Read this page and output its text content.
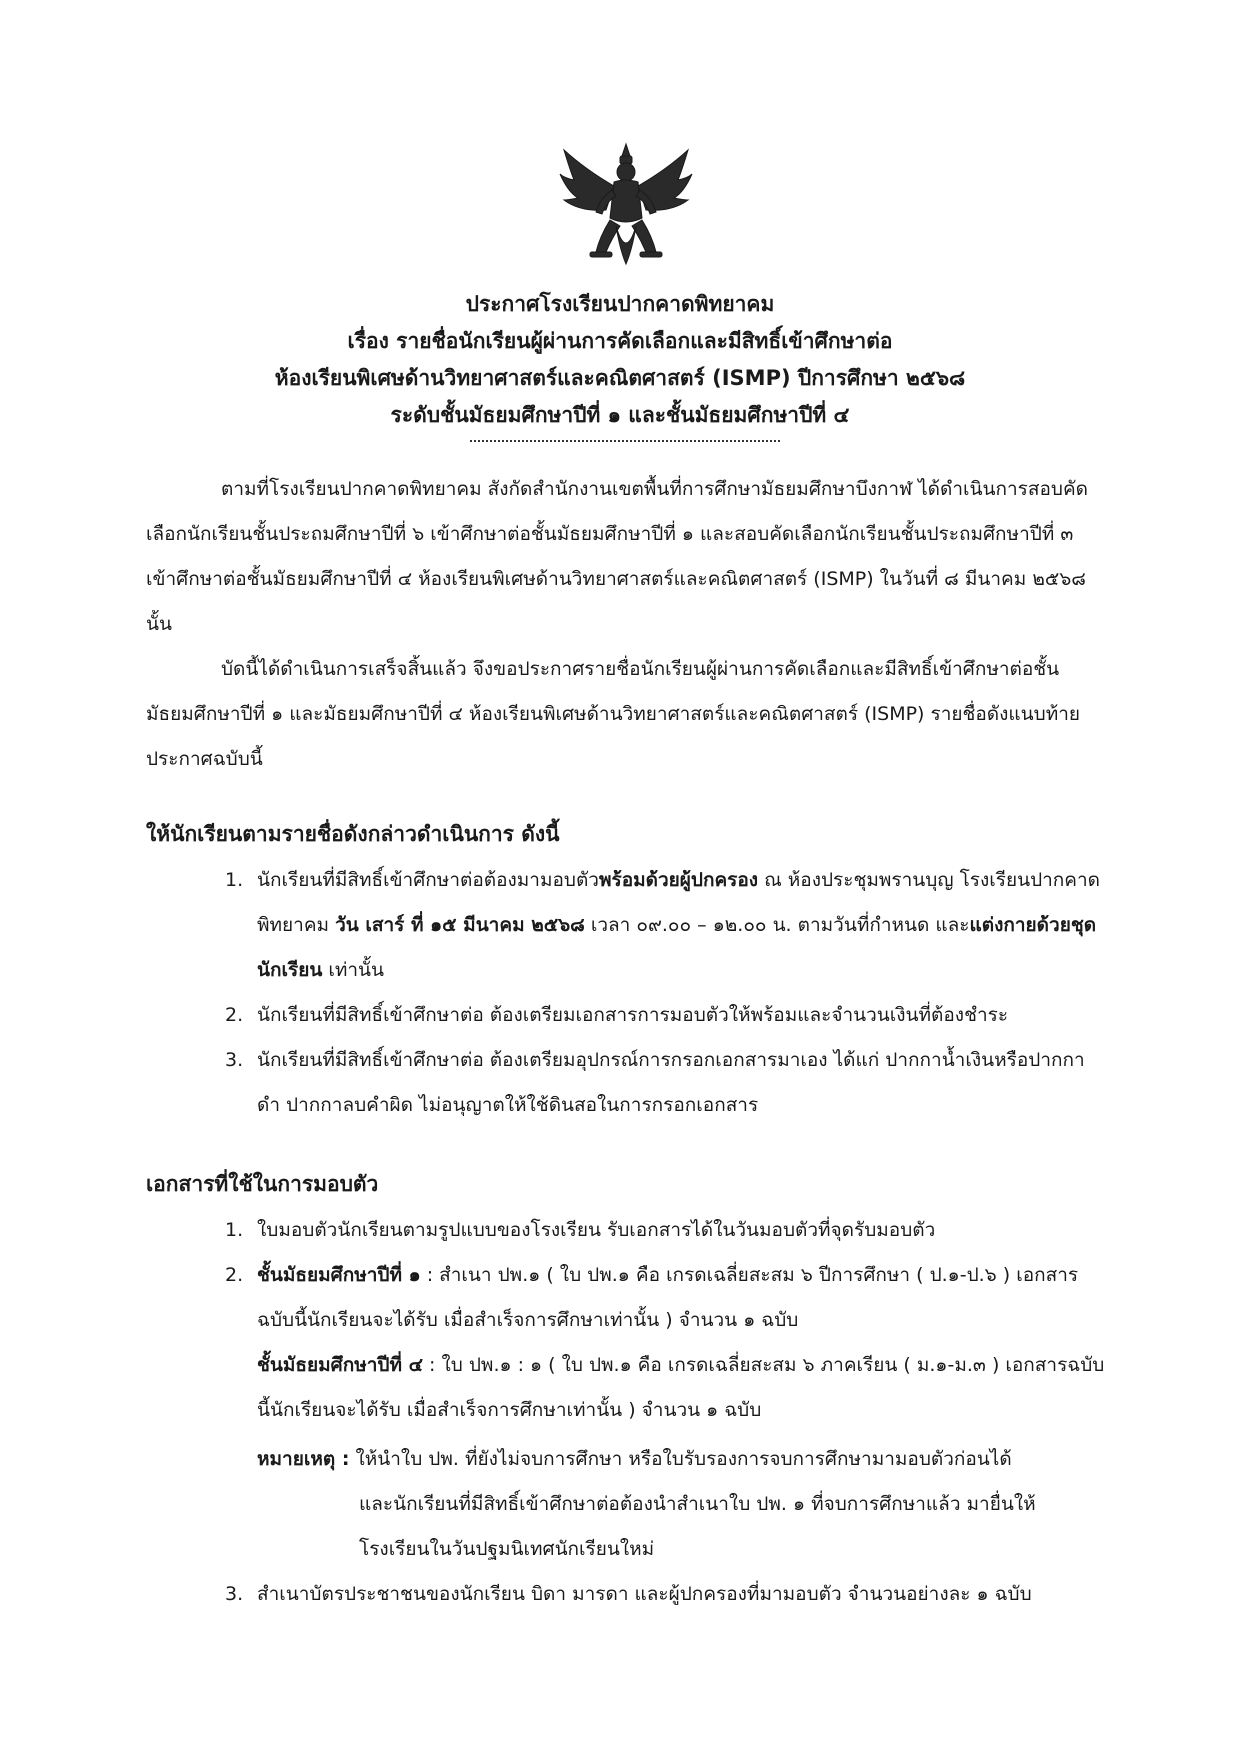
ประกาศโรงเรียนปากคาดพิทยาคม
เรื่อง รายชื่อนักเรียนผู้ผ่านการคัดเลือกและมีสิทธิ์เข้าศึกษาต่อ
ห้องเรียนพิเศษด้านวิทยาศาสตร์และคณิตศาสตร์ (ISMP) ปีการศึกษา ๒๕๖๘
ระดับชั้นมัธยมศึกษาปีที่ ๑ และชั้นมัธยมศึกษาปีที่ ๔

ตามที่โรงเรียนปากคาดพิทยาคม สังกัดสำนักงานเขตพื้นที่การศึกษามัธยมศึกษาบึงกาฬ ได้ดำเนินการสอบคัดเลือกนักเรียนชั้นประถมศึกษาปีที่ ๖ เข้าศึกษาต่อชั้นมัธยมศึกษาปีที่ ๑ และสอบคัดเลือกนักเรียนชั้นประถมศึกษาปีที่ ๓ เข้าศึกษาต่อชั้นมัธยมศึกษาปีที่ ๔ ห้องเรียนพิเศษด้านวิทยาศาสตร์และคณิตศาสตร์ (ISMP) ในวันที่ ๘ มีนาคม ๒๕๖๘ นั้น

บัดนี้ได้ดำเนินการเสร็จสิ้นแล้ว จึงขอประกาศรายชื่อนักเรียนผู้ผ่านการคัดเลือกและมีสิทธิ์เข้าศึกษาต่อชั้นมัธยมศึกษาปีที่ ๑ และมัธยมศึกษาปีที่ ๔ ห้องเรียนพิเศษด้านวิทยาศาสตร์และคณิตศาสตร์ (ISMP) รายชื่อดังแนบท้ายประกาศฉบับนี้

ให้นักเรียนตามรายชื่อดังกล่าวดำเนินการ ดังนี้
1. นักเรียนที่มีสิทธิ์เข้าศึกษาต่อต้องมามอบตัวพร้อมด้วยผู้ปกครอง ณ ห้องประชุมพรานบุญ โรงเรียนปากคาดพิทยาคม วัน เสาร์ ที่ ๑๕ มีนาคม ๒๕๖๘ เวลา ๐๙.๐๐ – ๑๒.๐๐ น. ตามวันที่กำหนด และแต่งกายด้วยชุดนักเรียน เท่านั้น
2. นักเรียนที่มีสิทธิ์เข้าศึกษาต่อ ต้องเตรียมเอกสารการมอบตัวให้พร้อมและจำนวนเงินที่ต้องชำระ
3. นักเรียนที่มีสิทธิ์เข้าศึกษาต่อ ต้องเตรียมอุปกรณ์การกรอกเอกสารมาเอง ได้แก่ ปากกาน้ำเงินหรือปากกาดำ ปากกาลบคำผิด ไม่อนุญาตให้ใช้ดินสอในการกรอกเอกสาร
เอกสารที่ใช้ในการมอบตัว
1. ใบมอบตัวนักเรียนตามรูปแบบของโรงเรียน รับเอกสารได้ในวันมอบตัวที่จุดรับมอบตัว
2. ชั้นมัธยมศึกษาปีที่ ๑ : สำเนา ปพ.๑ ( ใบ ปพ.๑ คือ เกรดเฉลี่ยสะสม ๖ ปีการศึกษา ( ป.๑-ป.๖ ) เอกสารฉบับนี้นักเรียนจะได้รับ เมื่อสำเร็จการศึกษาเท่านั้น ) จำนวน ๑ ฉบับ
ชั้นมัธยมศึกษาปีที่ ๔ : ใบ ปพ.๑ : ๑ ( ใบ ปพ.๑ คือ เกรดเฉลี่ยสะสม ๖ ภาคเรียน ( ม.๑-ม.๓ ) เอกสารฉบับนี้นักเรียนจะได้รับ เมื่อสำเร็จการศึกษาเท่านั้น ) จำนวน ๑ ฉบับ
หมายเหตุ : ให้นำใบ ปพ. ที่ยังไม่จบการศึกษา หรือใบรับรองการจบการศึกษามามอบตัวก่อนได้
และนักเรียนที่มีสิทธิ์เข้าศึกษาต่อต้องนำสำเนาใบ ปพ. ๑ ที่จบการศึกษาแล้ว มายื่นให้โรงเรียนในวันปฐมนิเทศนักเรียนใหม่
3. สำเนาบัตรประชาชนของนักเรียน บิดา มารดา และผู้ปกครองที่มามอบตัว จำนวนอย่างละ ๑ ฉบับ
